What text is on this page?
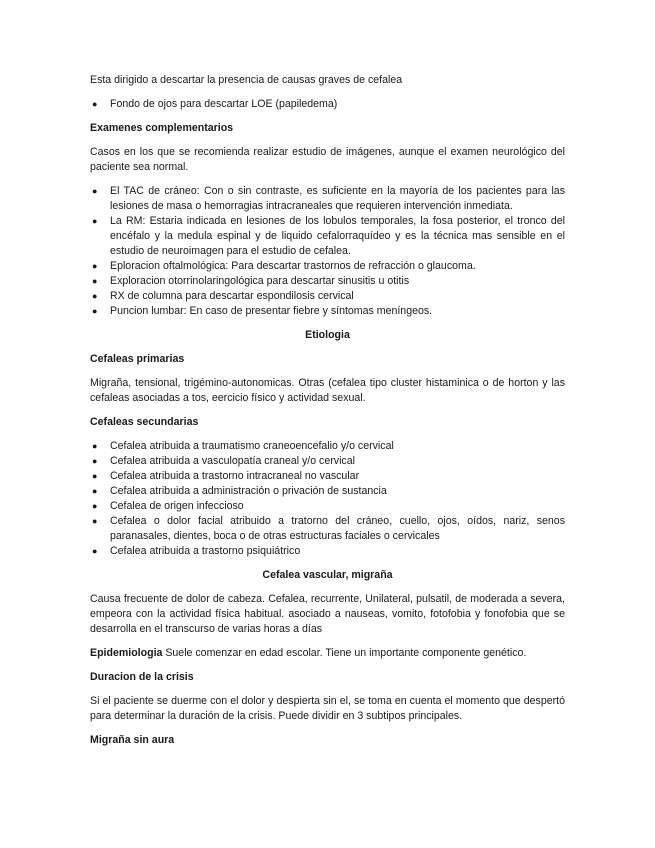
Esta dirigido a descartar la presencia de causas graves de cefalea

● Fondo de ojos para descartar LOE (papiledema)
Examenes complementarios

Casos en los que se recomienda realizar estudio de imágenes, aunque el examen neurológico del paciente sea normal.

● El TAC de cráneo: Con o sin contraste, es suficiente en la mayoría de los pacientes para las lesiones de masa o hemorragias intracraneales que requieren intervención inmediata.
● La RM: Estaria indicada en lesiones de los lobulos temporales, la fosa posterior, el tronco del encéfalo y la medula espinal y de liquido cefalorraquídeo y es la técnica mas sensible en el estudio de neuroimagen para el estudio de cefalea.
● Eploracion oftalmológica: Para descartar trastornos de refracción o glaucoma.
● Exploracion otorrinolaringológica para descartar sinusitis u otitis
● RX de columna para descartar espondilosis cervical
● Puncion lumbar: En caso de presentar fiebre y síntomas meníngeos.
Etiologia
Cefaleas primarias

Migraña, tensional, trigémino-autonomicas. Otras (cefalea tipo cluster histaminica o de horton y las cefaleas asociadas a tos, eercicio físico y actividad sexual.

Cefaleas secundarias
● Cefalea atribuida a traumatismo craneoencefalio y/o cervical
● Cefalea atribuida a vasculopatía craneal y/o cervical
● Cefalea atribuida a trastorno intracraneal no vascular
● Cefalea atribuida a administración o privación de sustancia
● Cefalea de origen infeccioso
● Cefalea o dolor facial atribuido a tratorno del cráneo, cuello, ojos, oídos, nariz, senos paranasales, dientes, boca o de otras estructuras faciales o cervicales
● Cefalea atribuida a trastorno psiquiátrico
Cefalea vascular, migraña

Causa frecuente de dolor de cabeza. Cefalea, recurrente, Unilateral, pulsatil, de moderada a severa, empeora con la actividad física habitual. asociado a nauseas, vomito, fotofobia y fonofobia que se desarrolla en el transcurso de varias horas a días

Epidemiologia Suele comenzar en edad escolar. Tiene un importante componente genético.

Duracion de la crisis

Si el paciente se duerme con el dolor y despierta sin el, se toma en cuenta el momento que despertó para determinar la duración de la crisis. Puede dividir en 3 subtipos principales.

Migraña sin aura
